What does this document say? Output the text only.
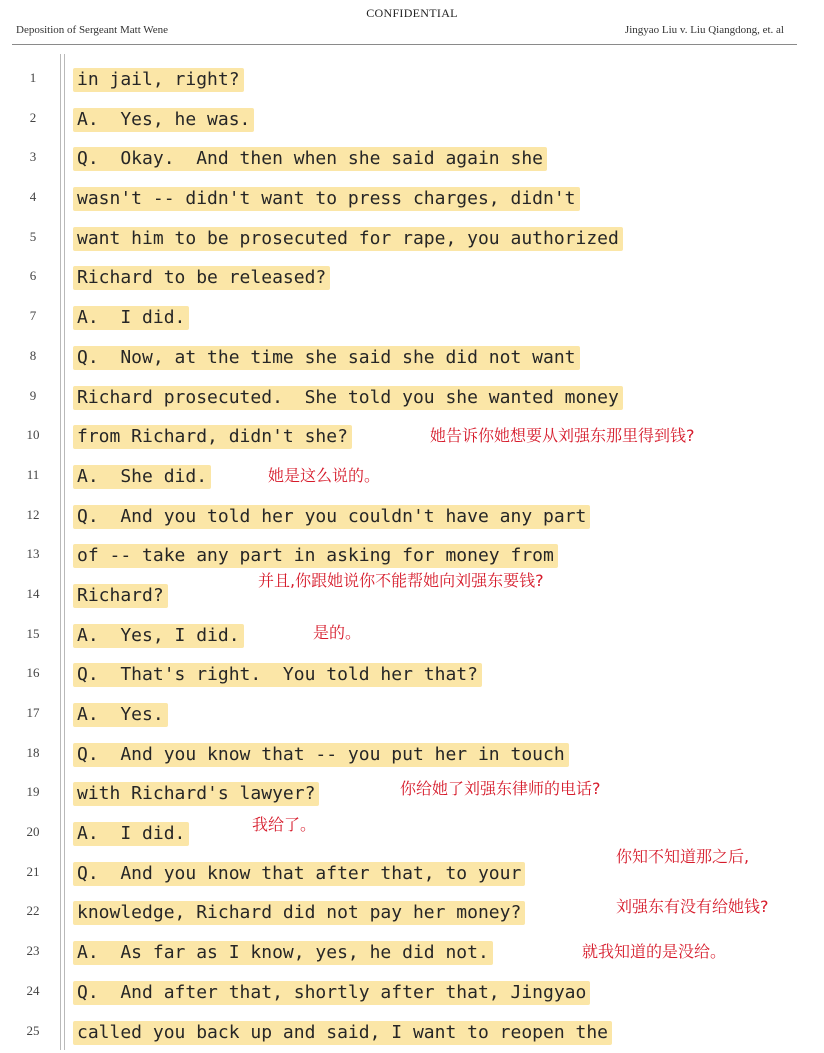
CONFIDENTIAL
Deposition of Sergeant Matt Wene	Jingyao Liu v. Liu Qiangdong, et. al
1	in jail, right?
2	A.  Yes, he was.
3	Q.  Okay.  And then when she said again she
4	wasn't -- didn't want to press charges, didn't
5	want him to be prosecuted for rape, you authorized
6	Richard to be released?
7	A.  I did.
8	Q.  Now, at the time she said she did not want
9	Richard prosecuted.  She told you she wanted money
10	from Richard, didn't she?	她告诉你她想要从刘强东那里得到钱?
11	A.  She did.	她是这么说的。
12	Q.  And you told her you couldn't have any part
13	of -- take any part in asking for money from
14	Richard?
并且,你跟她说你不能帮她向刘强东要钱?
15	A.  Yes, I did.	是的。
16	Q.  That's right.  You told her that?
17	A.  Yes.
18	Q.  And you know that -- you put her in touch
19	with Richard's lawyer?	你给她了刘强东律师的电话?
20	A.  I did.	我给了。
21	Q.  And you know that after that, to your
你知不知道那之后,
22	knowledge, Richard did not pay her money?	刘强东有没有给她钱?
23	A.  As far as I know, yes, he did not.	就我知道的是没给。
24	Q.  And after that, shortly after that, Jingyao
25	called you back up and said, I want to reopen the
